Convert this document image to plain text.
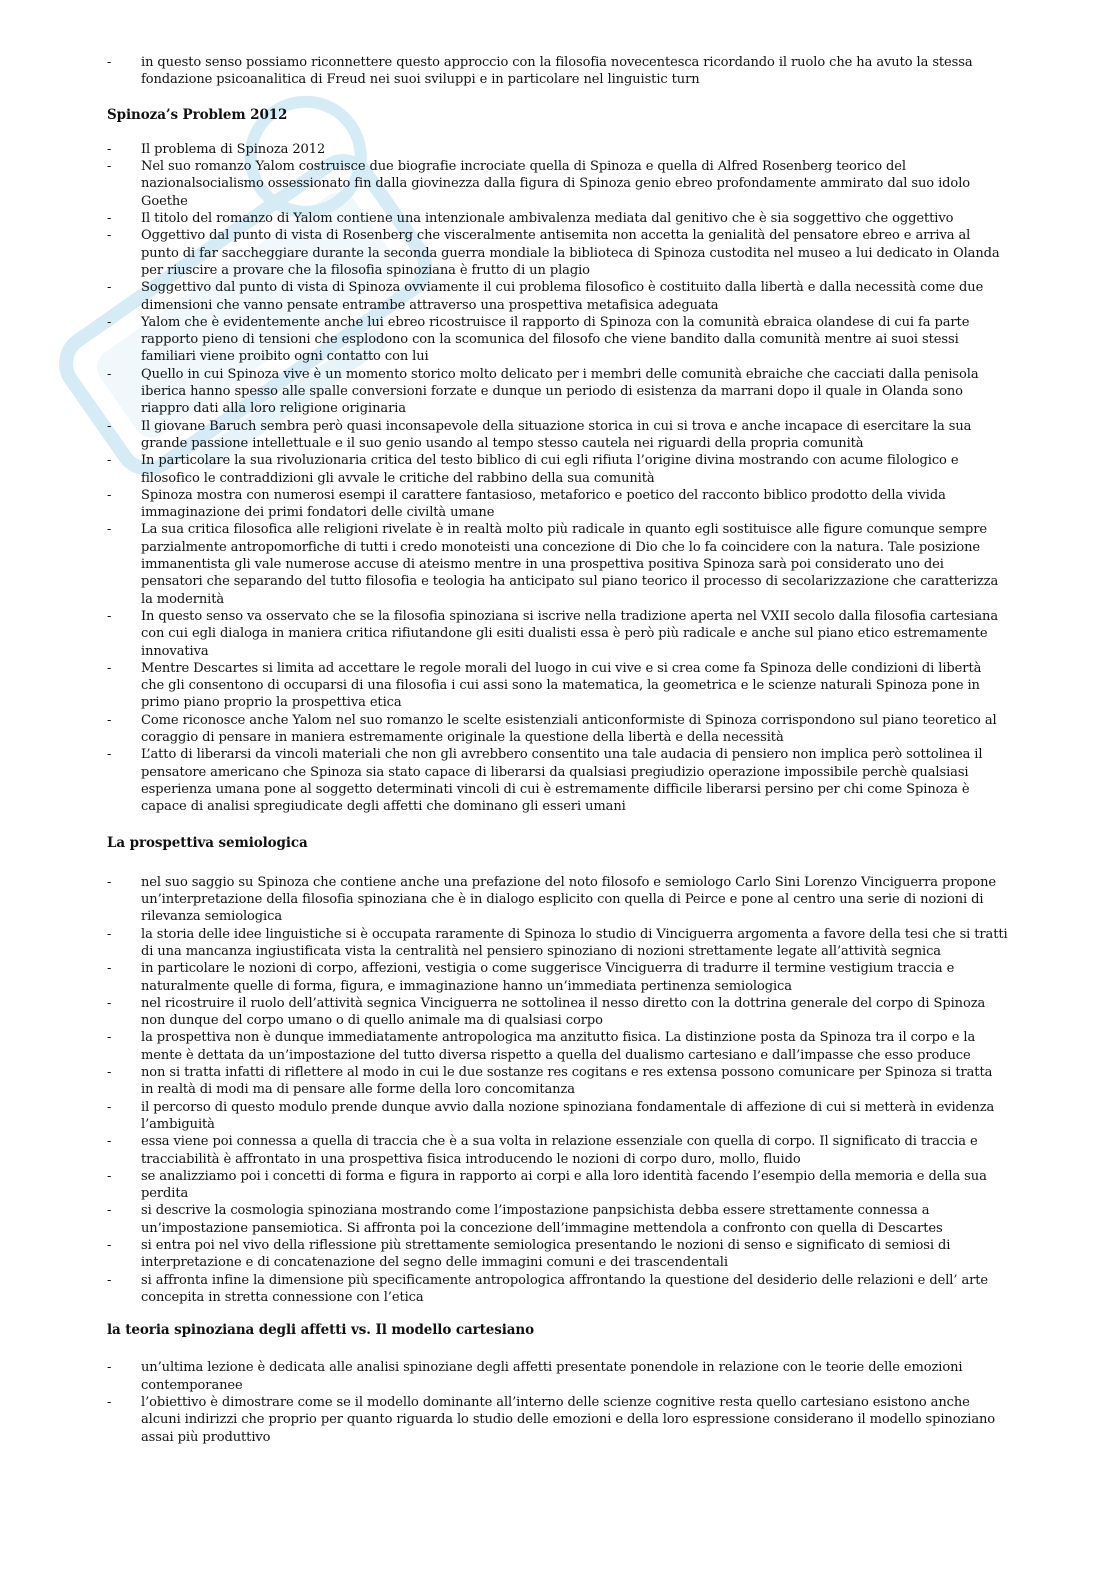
-	in questo senso possiamo riconnettere questo approccio con la filosofia novecentesca ricordando il ruolo che ha avuto la stessa fondazione psicoanalitica di Freud nei suoi sviluppi e in particolare nel linguistic turn
Spinoza’s Problem 2012
-	Il problema di Spinoza 2012
-	Nel suo romanzo Yalom costruisce due biografie incrociate quella di Spinoza e quella di Alfred Rosenberg teorico del nazionalsocialismo ossessionato fin dalla giovinezza dalla figura di Spinoza genio ebreo profondamente ammirato dal suo idolo Goethe
-	Il titolo del romanzo di Yalom contiene una intenzionale ambivalenza mediata dal genitivo che è sia soggettivo che oggettivo
-	Oggettivo dal punto di vista di Rosenberg che visceralmente antisemita non accetta la genialità del pensatore ebreo e arriva al punto di far saccheggiare durante la seconda guerra mondiale la biblioteca di Spinoza custodita nel museo a lui dedicato in Olanda per riuscire a provare che la filosofia spinoziana è frutto di un plagio
-	Soggettivo dal punto di vista di Spinoza ovviamente il cui problema filosofico è costituito dalla libertà e dalla necessità come due dimensioni che vanno pensate entrambe attraverso una prospettiva metafisica adeguata
-	Yalom che è evidentemente anche lui ebreo ricostruisce il rapporto di Spinoza con la comunità ebraica olandese di cui fa parte rapporto pieno di tensioni che esplodono con la scomunica del filosofo che viene bandito dalla comunità mentre ai suoi stessi familiari viene proibito ogni contatto con lui
-	Quello in cui Spinoza vive è un momento storico molto delicato per i membri delle comunità ebraiche che cacciati dalla penisola iberica hanno spesso alle spalle conversioni forzate e dunque un periodo di esistenza da marrani dopo il quale in Olanda sono riappro dati alla loro religione originaria
-	Il giovane Baruch sembra però quasi inconsapevole della situazione storica in cui si trova e anche incapace di esercitare la sua grande passione intellettuale e il suo genio usando al tempo stesso cautela nei riguardi della propria comunità
-	In particolare la sua rivoluzionaria critica del testo biblico di cui egli rifiuta l’origine divina mostrando con acume filologico e filosofico le contraddizioni gli avvale le critiche del rabbino della sua comunità
-	Spinoza mostra con numerosi esempi il carattere fantasioso, metaforico e poetico del racconto biblico prodotto della vivida immaginazione dei primi fondatori delle civiltà umane
-	La sua critica filosofica alle religioni rivelate è in realtà molto più radicale in quanto egli sostituisce alle figure comunque sempre parzialmente antropomorfiche di tutti i credo monoteisti una concezione di Dio che lo fa coincidere con la natura. Tale posizione immanentista gli vale numerose accuse di ateismo mentre in una prospettiva positiva Spinoza sarà poi considerato uno dei pensatori che separando del tutto filosofia e teologia ha anticipato sul piano teorico il processo di secolarizzazione che caratterizza la modernità
-	In questo senso va osservato che se la filosofia spinoziana si iscrive nella tradizione aperta nel VXII secolo dalla filosofia cartesiana con cui egli dialoga in maniera critica rifiutandone gli esiti dualisti essa è però più radicale e anche sul piano etico estremamente innovativa
-	Mentre Descartes si limita ad accettare le regole morali del luogo in cui vive e si crea come fa Spinoza delle condizioni di libertà che gli consentono di occuparsi di una filosofia i cui assi sono la matematica, la geometrica e le scienze naturali Spinoza pone in primo piano proprio la prospettiva etica
-	Come riconosce anche Yalom nel suo romanzo le scelte esistenziali anticonformiste di Spinoza corrispondono sul piano teoretico al coraggio di pensare in maniera estremamente originale la questione della libertà e della necessità
-	L’atto di liberarsi da vincoli materiali che non gli avrebbero consentito una tale audacia di pensiero non implica però sottolinea il pensatore americano che Spinoza sia stato capace di liberarsi da qualsiasi pregiudizio operazione impossibile perchè qualsiasi esperienza umana pone al soggetto determinati vincoli di cui è estremamente difficile liberarsi persino per chi come Spinoza è capace di analisi spregiudicate degli affetti che dominano gli esseri umani
La prospettiva semiologica
-	nel suo saggio su Spinoza che contiene anche una prefazione del noto filosofo e semiologo Carlo Sini Lorenzo Vinciguerra propone un’interpretazione della filosofia spinoziana che è in dialogo esplicito con quella di Peirce e pone al centro una serie di nozioni di rilevanza semiologica
-	la storia delle idee linguistiche si è occupata raramente di Spinoza lo studio di Vinciguerra argomenta a favore della tesi che si tratti di una mancanza ingiustificata vista la centralità nel pensiero spinoziano di nozioni strettamente legate all’attività segnica
-	in particolare le nozioni di corpo, affezioni, vestigia o come suggerisce Vinciguerra di tradurre il termine vestigium traccia e naturalmente quelle di forma, figura, e immaginazione hanno un’immediata pertinenza semiologica
-	nel ricostruire il ruolo dell’attività segnica Vinciguerra ne sottolinea il nesso diretto con la dottrina generale del corpo di Spinoza non dunque del corpo umano o di quello animale ma di qualsiasi corpo
-	la prospettiva non è dunque immediatamente antropologica ma anzitutto fisica. La distinzione posta da Spinoza tra il corpo e la mente è dettata da un’impostazione del tutto diversa rispetto a quella del dualismo cartesiano e dall’impasse che esso produce
-	non si tratta infatti di riflettere al modo in cui le due sostanze res cogitans e res extensa possono comunicare per Spinoza si tratta in realtà di modi ma di pensare alle forme della loro concomitanza
-	il percorso di questo modulo prende dunque avvio dalla nozione spinoziana fondamentale di affezione di cui si metterà in evidenza l’ambiguità
-	essa viene poi connessa a quella di traccia che è a sua volta in relazione essenziale con quella di corpo. Il significato di traccia e tracciabilità è affrontato in una prospettiva fisica introducendo le nozioni di corpo duro, mollo, fluido
-	se analizziamo poi i concetti di forma e figura in rapporto ai corpi e alla loro identità facendo l’esempio della memoria e della sua perdita
-	si descrive la cosmologia spinoziana mostrando come l’impostazione panpsichista debba essere strettamente connessa a un’impostazione pansemiotica. Si affronta poi la concezione dell’immagine mettendola a confronto con quella di Descartes
-	si entra poi nel vivo della riflessione più strettamente semiologica presentando le nozioni di senso e significato di semiosi di interpretazione e di concatenazione del segno delle immagini comuni e dei trascendentali
-	si affronta infine la dimensione più specificamente antropologica affrontando la questione del desiderio delle relazioni e dell’ arte concepita in stretta connessione con l’etica
la teoria spinoziana degli affetti vs. Il modello cartesiano
-	un’ultima lezione è dedicata alle analisi spinoziane degli affetti presentate ponendole in relazione con le teorie delle emozioni contemporanee
-	l’obiettivo è dimostrare come se il modello dominante all’interno delle scienze cognitive resta quello cartesiano esistono anche alcuni indirizzi che proprio per quanto riguarda lo studio delle emozioni e della loro espressione considerano il modello spinoziano assai più produttivo
